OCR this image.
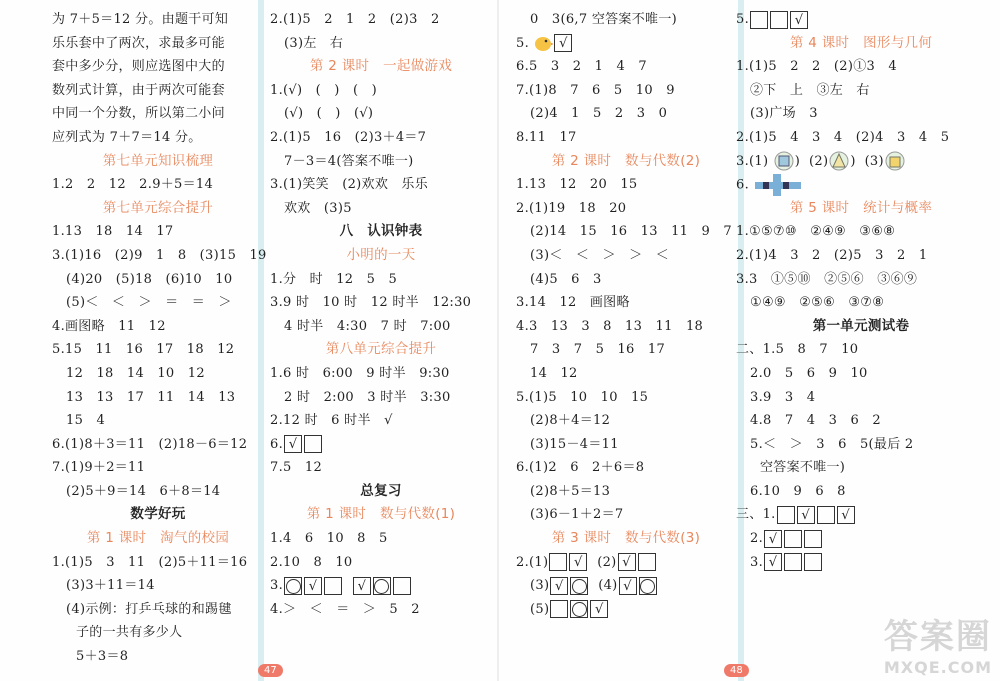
为 7＋5＝12 分。由题干可知
乐乐套中了两次，求最多可能
套中多少分，则应选图中大的
数列式计算，由于两次可能套
中同一个分数，所以第二小问
应列式为 7＋7＝14 分。
第七单元知识梳理
1.2　2　12　2.9＋5＝14
第七单元综合提升
1.13　18　14　17
3.(1)16　(2)9　1　8　(3)15　19
(4)20　(5)18　(6)10　10
(5)＜　＜　＞　＝　＝　＞
4.画图略　11　12
5.15　11　16　17　18　12
12　18　14　10　12
13　13　17　11　14　13
15　4
6.(1)8＋3＝11　(2)18－6＝12
7.(1)9＋2＝11
(2)5＋9＝14　6＋8＝14
数学好玩
第 1 课时　淘气的校园
1.(1)5　3　11　(2)5＋11＝16
(3)3＋11＝14
(4)示例：打乒乓球的和踢毽
子的一共有多少人
5＋3＝8
2.(1)5　2　1　2　(2)3　2
(3)左　右
第 2 课时　一起做游戏
1.(√)　(　)　(　)
(√)　(　)　(√)
2.(1)5　16　(2)3＋4＝7
7－3＝4(答案不唯一)
3.(1)笑笑　(2)欢欢　乐乐
欢欢　(3)5
八　认识钟表
小明的一天
1.分　时　12　5　5
3.9 时　10 时　12 时半　12:30
4 时半　4:30　7 时　7:00
第八单元综合提升
1.6 时　6:00　9 时半　9:30
2 时　2:00　3 时半　3:30
2.12 时　6 时半　√
6. √
7.5　12
总复习
第 1 课时　数与代数(1)
1.4　6　10　8　5
2.10　8　10
3. √	√
4.＞　＜　＝　＞　5　2
0　3(6,7 空答案不唯一)
5. √
6.5　3　2　1　4　7
7.(1)8　7　6　5　10　9
(2)4　1　5　2　3　0
8.11　17
第 2 课时　数与代数(2)
1.13　12　20　15
2.(1)19　18　20
(2)14　15　16　13　11　9　7
(3)＜　＜　＞　＞　＜
(4)5　6　3
3.14　12　画图略
4.3　13　3　8　13　11　18
7　3　7　5　16　17
14　12
5.(1)5　10　10　15
(2)8＋4＝12
(3)15－4＝11
6.(1)2　6　2＋6＝8
(2)8＋5＝13
(3)6－1＋2＝7
第 3 课时　数与代数(3)
2.(1) √  (2) √
(3) √  (4) √
(5)	√
5.	√
第 4 课时　图形与几何
1.(1)5　2　2　(2)①3　4
②下　上　③左　右
(3)广场　3
2.(1)5　4　3　4　(2)4　3　4　5
3.(1) )  (2) )  (3)
6.
第 5 课时　统计与概率
1.①⑤⑦⑩　②④⑨　③⑥⑧
2.(1)4　3　2　(2)5　3　2　1
3.3　①⑤⑩　②⑤⑥　③⑥⑨
①④⑨　②⑤⑥　③⑦⑧
第一单元测试卷
二、1.5　8　7　10
2.0　5　6　9　10
3.9　3　4
4.8　7　4　3　6　2
5.＜　＞　3　6　5(最后 2
空答案不唯一)
6.10　9　6　8
三、1. √ √
2. √
3. √
47	48
答案圈
MXQE.COM
